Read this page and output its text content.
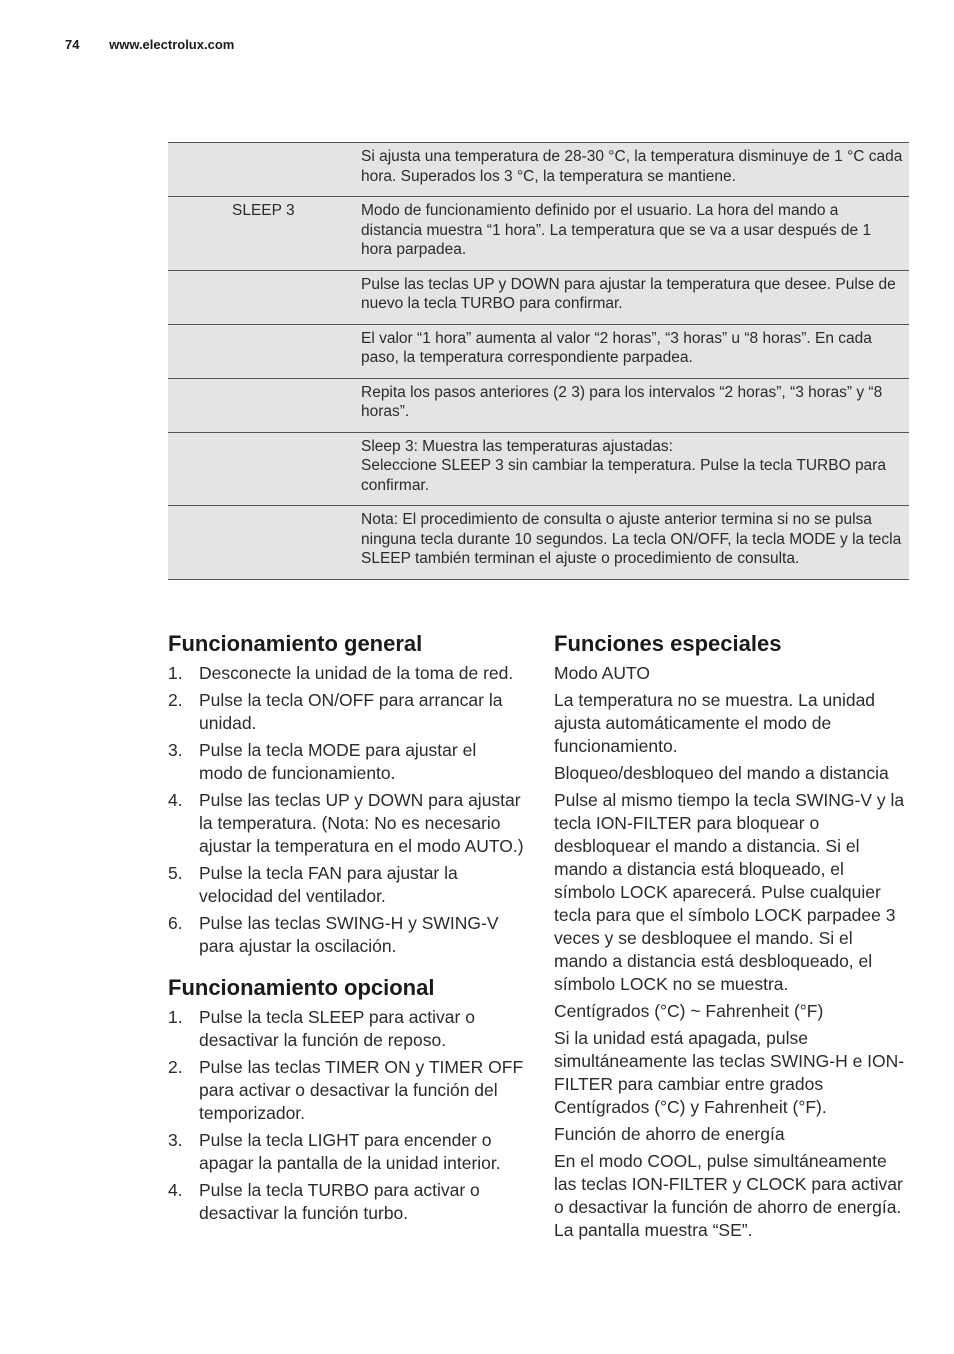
74 www.electrolux.com
Si ajusta una temperatura de 28-30 °C, la temperatura disminuye de 1 °C cada hora. Superados los 3 °C, la temperatura se mantiene.
SLEEP 3	Modo de funcionamiento definido por el usuario. La hora del mando a distancia muestra “1 hora”. La temperatura que se va a usar después de 1 hora parpadea.
Pulse las teclas UP y DOWN para ajustar la temperatura que desee. Pulse de nuevo la tecla TURBO para confirmar.
El valor “1 hora” aumenta al valor “2 horas”, “3 horas” u “8 horas”. En cada paso, la temperatura correspondiente parpadea.
Repita los pasos anteriores (2 3) para los intervalos “2 horas”, “3 horas” y “8 horas”.
Sleep 3: Muestra las temperaturas ajustadas:
Seleccione SLEEP 3 sin cambiar la temperatura. Pulse la tecla TURBO para confirmar.
Nota: El procedimiento de consulta o ajuste anterior termina si no se pulsa ninguna tecla durante 10 segundos. La tecla ON/OFF, la tecla MODE y la tecla SLEEP también terminan el ajuste o procedimiento de consulta.
Funcionamiento general
1. Desconecte la unidad de la toma de red.
2. Pulse la tecla ON/OFF para arrancar la unidad.
3. Pulse la tecla MODE para ajustar el modo de funcionamiento.
4. Pulse las teclas UP y DOWN para ajustar la temperatura. (Nota: No es necesario ajustar la temperatura en el modo AUTO.)
5. Pulse la tecla FAN para ajustar la velocidad del ventilador.
6. Pulse las teclas SWING-H y SWING-V para ajustar la oscilación.
Funcionamiento opcional
1. Pulse la tecla SLEEP para activar o desactivar la función de reposo.
2. Pulse las teclas TIMER ON y TIMER OFF para activar o desactivar la función del temporizador.
3. Pulse la tecla LIGHT para encender o apagar la pantalla de la unidad interior.
4. Pulse la tecla TURBO para activar o desactivar la función turbo.
Funciones especiales

Modo AUTO

La temperatura no se muestra. La unidad ajusta automáticamente el modo de funcionamiento.

Bloqueo/desbloqueo del mando a distancia

Pulse al mismo tiempo la tecla SWING-V y la tecla ION-FILTER para bloquear o desbloquear el mando a distancia. Si el mando a distancia está bloqueado, el símbolo LOCK aparecerá. Pulse cualquier tecla para que el símbolo LOCK parpadee 3 veces y se desbloquee el mando. Si el mando a distancia está desbloqueado, el símbolo LOCK no se muestra.

Centígrados (°C) ~ Fahrenheit (°F)

Si la unidad está apagada, pulse simultáneamente las teclas SWING-H e ION-FILTER para cambiar entre grados Centígrados (°C) y Fahrenheit (°F).

Función de ahorro de energía

En el modo COOL, pulse simultáneamente las teclas ION-FILTER y CLOCK para activar o desactivar la función de ahorro de energía. La pantalla muestra “SE”.
